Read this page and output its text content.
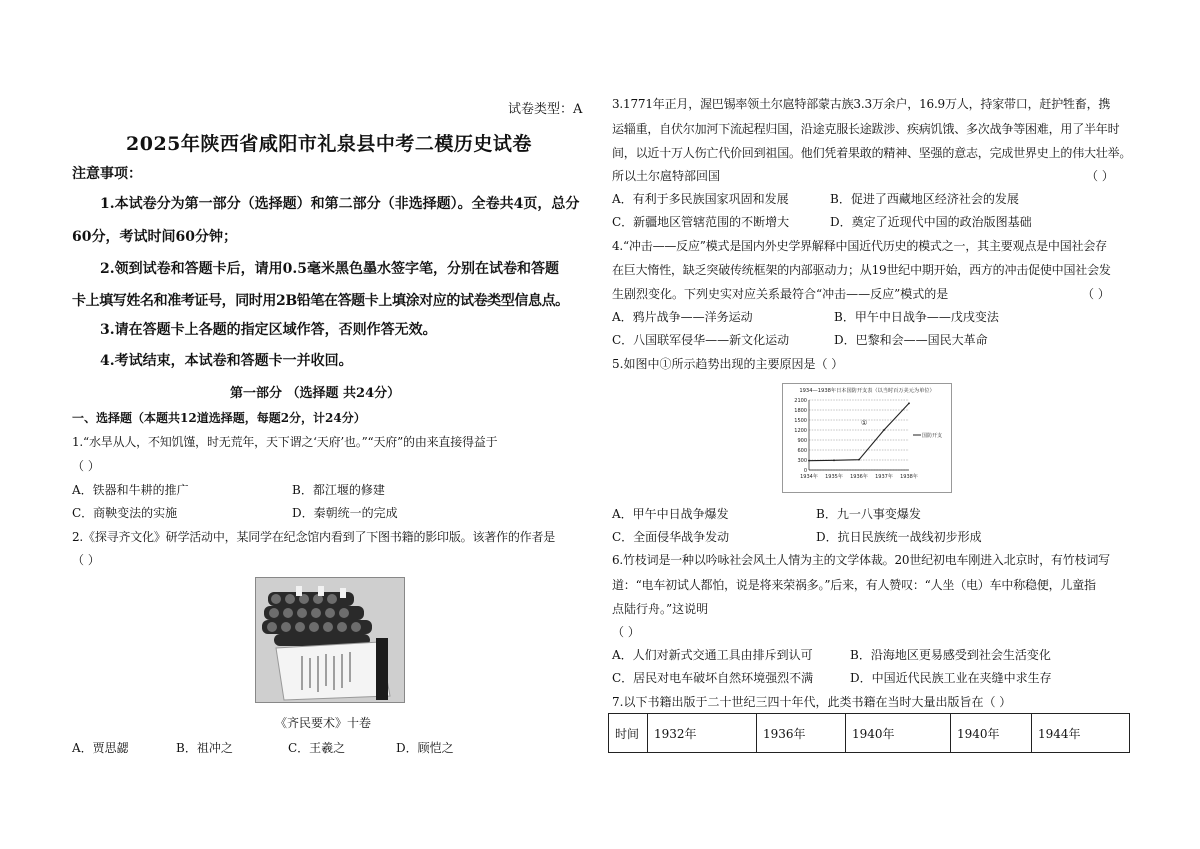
试卷类型：A
2025年陕西省咸阳市礼泉县中考二模历史试卷
注意事项：
1.本试卷分为第一部分（选择题）和第二部分（非选择题）。全卷共4页，总分
60分，考试时间60分钟；
2.领到试卷和答题卡后，请用0.5毫米黑色墨水签字笔，分别在试卷和答题
卡上填写姓名和准考证号，同时用2B铅笔在答题卡上填涂对应的试卷类型信息点。
3.请在答题卡上各题的指定区域作答，否则作答无效。
4.考试结束，本试卷和答题卡一并收回。
第一部分 （选择题 共24分）
一、选择题（本题共12道选择题，每题2分，计24分）
1.“水旱从人，不知饥馑，时无荒年，天下谓之‘天府’也。”“天府”的由来直接得益于
（ ）
A．铁器和牛耕的推广	B．都江堰的修建
C．商鞅变法的实施	D．秦朝统一的完成
2.《探寻齐文化》研学活动中，某同学在纪念馆内看到了下图书籍的影印版。该著作的作者是
（ ）
《齐民要术》十卷
A．贾思勰	B．祖冲之	C．王羲之	D．顾恺之
3.1771年正月，渥巴锡率领土尔扈特部蒙古族3.3万余户，16.9万人，持家带口，赶护牲畜，携
运辎重，自伏尔加河下流起程归国，沿途克服长途跋涉、疾病饥饿、多次战争等困难，用了半年时
间，以近十万人伤亡代价回到祖国。他们凭着果敢的精神、坚强的意志，完成世界史上的伟大壮举。
所以土尔扈特部回国	（ ）
A．有利于多民族国家巩固和发展	B．促进了西藏地区经济社会的发展
C．新疆地区管辖范围的不断增大	D．奠定了近现代中国的政治版图基础
4.“冲击——反应”模式是国内外史学界解释中国近代历史的模式之一，其主要观点是中国社会存
在巨大惰性，缺乏突破传统框架的内部驱动力；从19世纪中期开始，西方的冲击促使中国社会发
生剧烈变化。下列史实对应关系最符合“冲击——反应”模式的是	（ ）
A．鸦片战争——洋务运动	B．甲午中日战争——戊戌变法
C．八国联军侵华——新文化运动	D．巴黎和会——国民大革命
5.如图中①所示趋势出现的主要原因是（ ）
1934—1938年日本国防开支表（以当时百万美元为单位）
0
300
600
900
1200
1500
1800
2100
1934年 1935年 1936年 1937年 1938年
①
国防开支
A．甲午中日战争爆发	B．九一八事变爆发
C．全面侵华战争发动	D．抗日民族统一战线初步形成
6.竹枝词是一种以吟咏社会风土人情为主的文学体裁。20世纪初电车刚进入北京时，有竹枝词写
道：“电车初试人都怕，说是将来荣祸多。”后来，有人赞叹：“人坐（电）车中称稳便，儿童指
点陆行舟。”这说明
（ ）
A．人们对新式交通工具由排斥到认可	B．沿海地区更易感受到社会生活变化
C．居民对电车破坏自然环境强烈不满	D．中国近代民族工业在夹缝中求生存
7.以下书籍出版于二十世纪三四十年代，此类书籍在当时大量出版旨在（ ）
时间	1932年	1936年	1940年	1940年	1944年
